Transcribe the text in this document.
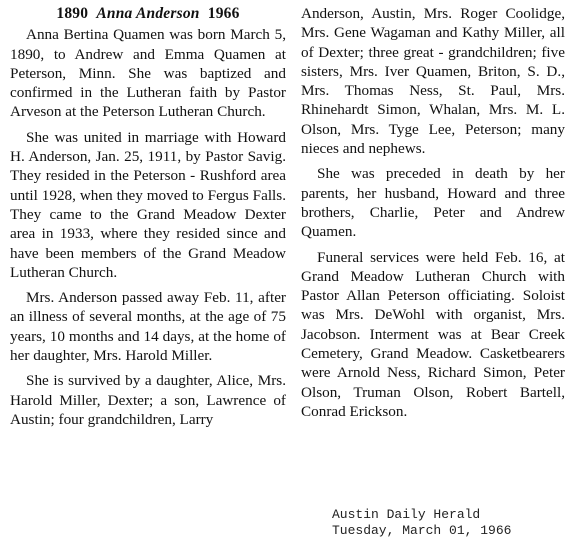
1890 Anna Anderson 1966

Anna Bertina Quamen was born March 5, 1890, to Andrew and Emma Quamen at Peterson, Minn. She was baptized and confirmed in the Lutheran faith by Pastor Arveson at the Peterson Lutheran Church.

She was united in marriage with Howard H. Anderson, Jan. 25, 1911, by Pastor Savig. They resided in the Peterson - Rushford area until 1928, when they moved to Fergus Falls. They came to the Grand Meadow Dexter area in 1933, where they resided since and have been members of the Grand Meadow Lutheran Church.

Mrs. Anderson passed away Feb. 11, after an illness of several months, at the age of 75 years, 10 months and 14 days, at the home of her daughter, Mrs. Harold Miller.

She is survived by a daughter, Alice, Mrs. Harold Miller, Dexter; a son, Lawrence of Austin; four grandchildren, Larry

Anderson, Austin, Mrs. Roger Coolidge, Mrs. Gene Wagaman and Kathy Miller, all of Dexter; three great - grandchildren; five sisters, Mrs. Iver Quamen, Briton, S. D., Mrs. Thomas Ness, St. Paul, Mrs. Rhinehardt Simon, Whalan, Mrs. M. L. Olson, Mrs. Tyge Lee, Peterson; many nieces and nephews.

She was preceded in death by her parents, her husband, Howard and three brothers, Charlie, Peter and Andrew Quamen.

Funeral services were held Feb. 16, at Grand Meadow Lutheran Church with Pastor Allan Peterson officiating. Soloist was Mrs. DeWohl with organist, Mrs. Jacobson. Interment was at Bear Creek Cemetery, Grand Meadow. Casketbearers were Arnold Ness, Richard Simon, Peter Olson, Truman Olson, Robert Bartell, Conrad Erickson.

Austin Daily Herald
Tuesday, March 01, 1966
